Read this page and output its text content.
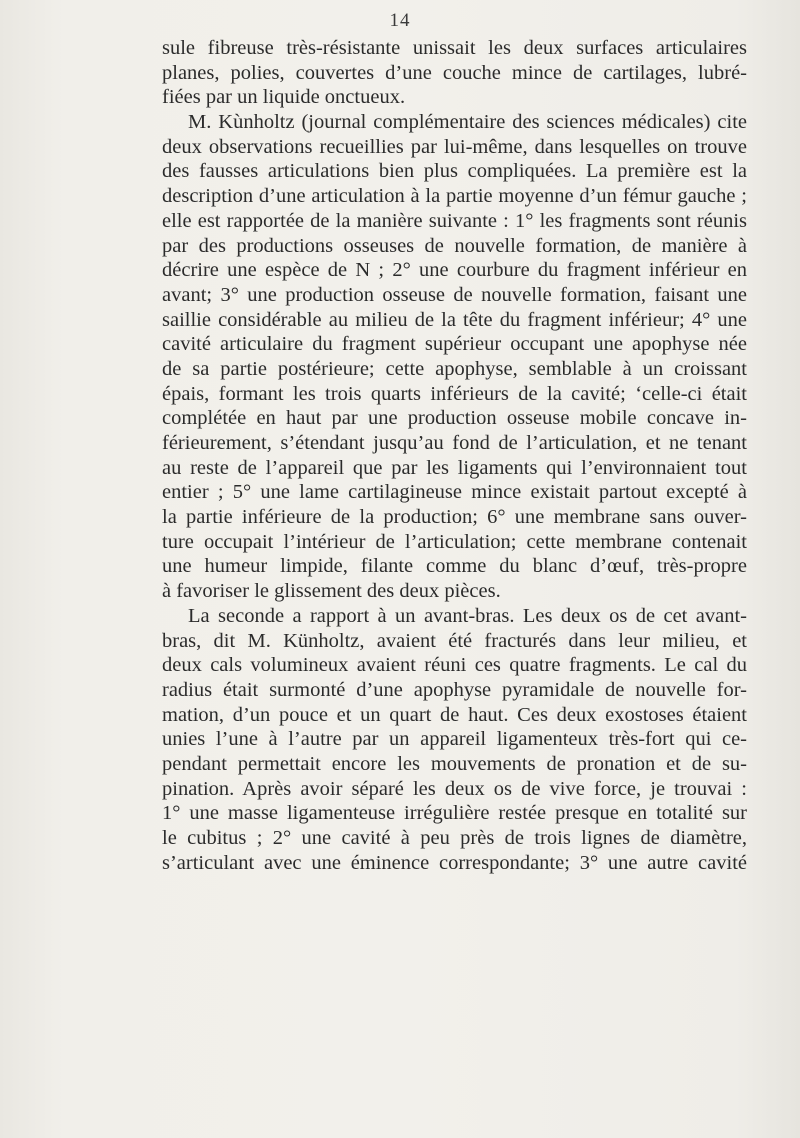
14
sule fibreuse très-résistante unissait les deux surfaces articulaires
planes, polies, couvertes d’une couche mince de cartilages, lubré-
fiées par un liquide onctueux.
M. Kùnholtz (journal complémentaire des sciences médicales) cite
deux observations recueillies par lui-même, dans lesquelles on trouve
des fausses articulations bien plus compliquées. La première est la
description d’une articulation à la partie moyenne d’un fémur gauche ;
elle est rapportée de la manière suivante : 1° les fragments sont réunis
par des productions osseuses de nouvelle formation, de manière à
décrire une espèce de N ; 2° une courbure du fragment inférieur en
avant; 3° une production osseuse de nouvelle formation, faisant une
saillie considérable au milieu de la tête du fragment inférieur; 4° une
cavité articulaire du fragment supérieur occupant une apophyse née
de sa partie postérieure; cette apophyse, semblable à un croissant
épais, formant les trois quarts inférieurs de la cavité; ‘celle-ci était
complétée en haut par une production osseuse mobile concave in-
férieurement, s’étendant jusqu’au fond de l’articulation, et ne tenant
au reste de l’appareil que par les ligaments qui l’environnaient tout
entier ; 5° une lame cartilagineuse mince existait partout excepté à
la partie inférieure de la production; 6° une membrane sans ouver-
ture occupait l’intérieur de l’articulation; cette membrane contenait
une humeur limpide, filante comme du blanc d’œuf, très-propre
à favoriser le glissement des deux pièces.
La seconde a rapport à un avant-bras. Les deux os de cet avant-
bras, dit M. Künholtz, avaient été fracturés dans leur milieu, et
deux cals volumineux avaient réuni ces quatre fragments. Le cal du
radius était surmonté d’une apophyse pyramidale de nouvelle for-
mation, d’un pouce et un quart de haut. Ces deux exostoses étaient
unies l’une à l’autre par un appareil ligamenteux très-fort qui ce-
pendant permettait encore les mouvements de pronation et de su-
pination. Après avoir séparé les deux os de vive force, je trouvai :
1° une masse ligamenteuse irrégulière restée presque en totalité sur
le cubitus ; 2° une cavité à peu près de trois lignes de diamètre,
s’articulant avec une éminence correspondante; 3° une autre cavité
